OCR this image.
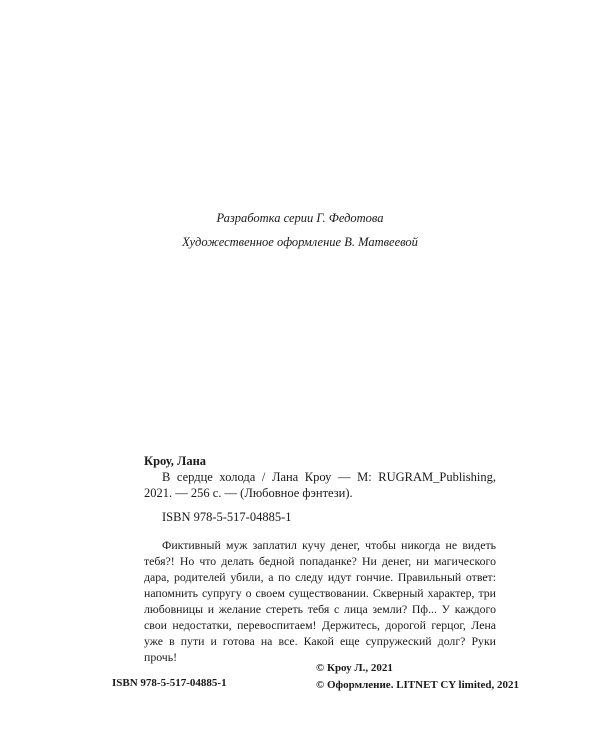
Разработка серии Г. Федотова
Художественное оформление В. Матвеевой

Кроу, Лана

В сердце холода / Лана Кроу — М: RUGRAM_Publishing, 2021. — 256 с. — (Любовное фэнтези).

ISBN 978-5-517-04885-1

Фиктивный муж заплатил кучу денег, чтобы никогда не видеть тебя?! Но что делать бедной попаданке? Ни денег, ни магического дара, родителей убили, а по следу идут гончие. Правильный ответ: напомнить супругу о своем существовании. Скверный характер, три любовницы и желание стереть тебя с лица земли? Пф... У каждого свои недостатки, перевоспитаем! Держитесь, дорогой герцог, Лена уже в пути и готова на все. Какой еще супружеский долг? Руки прочь!

ISBN 978-5-517-04885-1
© Кроу Л., 2021
© Оформление. LITNET CY limited, 2021
